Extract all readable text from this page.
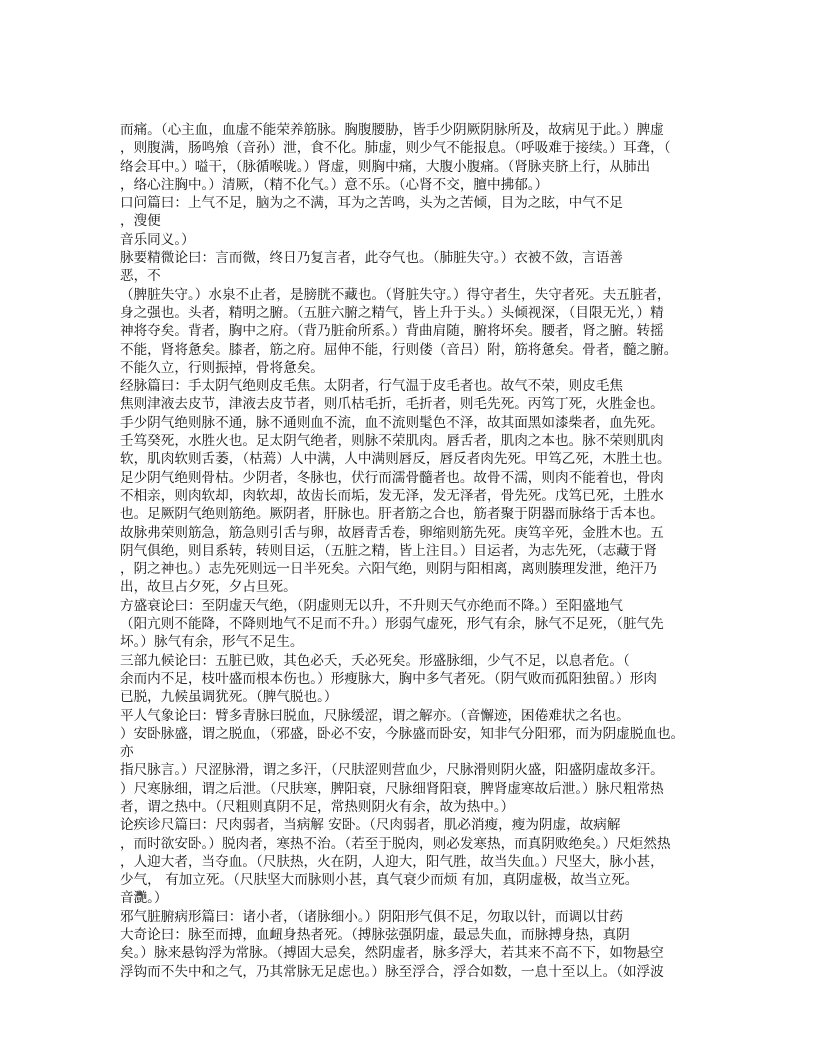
而痛。（心主血，血虚不能荣养筋脉。胸腹腰胁，皆手少阴厥阴脉所及，故病见于此。）脾虚
，则腹满，肠鸣飧（音孙）泄，食不化。肺虚，则少气不能报息。（呼吸难于接续。）耳聋，（
络会耳中。）嗌干，（脉循喉咙。）肾虚，则胸中痛，大腹小腹痛。（肾脉夹脐上行，从肺出
，络心注胸中。）清厥，（精不化气。）意不乐。（心肾不交，膻中拂郁。）
口问篇曰：上气不足，脑为之不满，耳为之苦鸣，头为之苦倾，目为之眩，中气不足
，溲便
音乐同义。）
脉要精微论曰：言而微，终日乃复言者，此夺气也。（肺脏失守。）衣被不敛，言语善
恶，不
（脾脏失守。）水泉不止者，是膀胱不藏也。（肾脏失守。）得守者生，失守者死。夫五脏者，
身之强也。头者，精明之腑。（五脏六腑之精气，皆上升于头。）头倾视深，（目限无光，）精
神将夺矣。背者，胸中之府。（背乃脏俞所系。）背曲肩随，腑将坏矣。腰者，肾之腑。转摇
不能，肾将惫矣。膝者，筋之府。屈伸不能，行则偻（音吕）附，筋将惫矣。骨者，髓之腑。
不能久立，行则振掉，骨将惫矣。
经脉篇曰：手太阴气绝则皮毛焦。太阴者，行气温于皮毛者也。故气不荣，则皮毛焦
焦则津液去皮节，津液去皮节者，则爪枯毛折，毛折者，则毛先死。丙笃丁死，火胜金也。
手少阴气绝则脉不通，脉不通则血不流，血不流则髦色不泽，故其面黑如漆柴者，血先死。
壬笃癸死，水胜火也。足太阴气绝者，则脉不荣肌肉。唇舌者，肌肉之本也。脉不荣则肌肉
软，肌肉软则舌萎，（枯蔫）人中满，人中满则唇反，唇反者肉先死。甲笃乙死，木胜土也。
足少阴气绝则骨枯。少阴者，冬脉也，伏行而濡骨髓者也。故骨不濡，则肉不能着也，骨肉
不相亲，则肉软却，肉软却，故齿长而垢，发无泽，发无泽者，骨先死。戊笃已死，土胜水
也。足厥阴气绝则筋绝。厥阴者，肝脉也。肝者筋之合也，筋者聚于阴器而脉络于舌本也。
故脉弗荣则筋急，筋急则引舌与卵，故唇青舌卷，卵缩则筋先死。庚笃辛死，金胜木也。五
阴气俱绝，则目系转，转则目运，（五脏之精，皆上注目。）目运者，为志先死，（志藏于肾
，阴之神也。）志先死则远一日半死矣。六阳气绝，则阴与阳相离，离则腠理发泄，绝汗乃
出，故旦占夕死，夕占旦死。
方盛衰论曰：至阴虚天气绝，（阴虚则无以升，不升则天气亦绝而不降。）至阳盛地气
（阳亢则不能降，不降则地气不足而不升。）形弱气虚死，形气有余，脉气不足死，（脏气先
坏。）脉气有余，形气不足生。
三部九候论曰：五脏已败，其色必夭，夭必死矣。形盛脉细，少气不足，以息者危。（
余而内不足，枝叶盛而根本伤也。）形瘦脉大，胸中多气者死。（阴气败而孤阳独留。）形肉
已脱，九候虽调犹死。（脾气脱也。）
平人气象论曰：臂多青脉曰脱血，尺脉缓涩，谓之解亦。（音懈迹，困倦难状之名也。
）安卧脉盛，谓之脱血，（邪盛，卧必不安，今脉盛而卧安，知非气分阳邪，而为阴虚脱血也。
亦
指尺脉言。）尺涩脉滑，谓之多汗，（尺肤涩则营血少，尺脉滑则阴火盛，阳盛阴虚故多汗。
）尺寒脉细，谓之后泄。（尺肤寒，脾阳衰，尺脉细肾阳衰，脾肾虚寒故后泄。）脉尺粗常热
者，谓之热中。（尺粗则真阴不足，常热则阴火有余，故为热中。）
论疾诊尺篇曰：尺肉弱者，当病解 安卧。（尺肉弱者，肌必消瘦，瘦为阴虚，故病解
，而时欲安卧。）脱肉者，寒热不治。（若至于脱肉，则必发寒热，而真阴败绝矣。）尺炬然热
，人迎大者，当夺血。（尺肤热，火在阴，人迎大，阳气胜，故当失血。）尺坚大，脉小甚，
少气， 有加立死。（尺肤坚大而脉则小甚，真气衰少而烦 有加，真阴虚极，故当立死。
音灧。）
邪气脏腑病形篇曰：诸小者，（诸脉细小。）阴阳形气俱不足，勿取以针，而调以甘药
大奇论曰：脉至而搏，血衄身热者死。（搏脉弦强阴虚，最忌失血，而脉搏身热，真阴
矣。）脉来悬钩浮为常脉。（搏固大忌矣，然阴虚者，脉多浮大，若其来不高不下，如物悬空
浮钩而不失中和之气，乃其常脉无足虑也。）脉至浮合，浮合如数，一息十至以上。（如浮波
